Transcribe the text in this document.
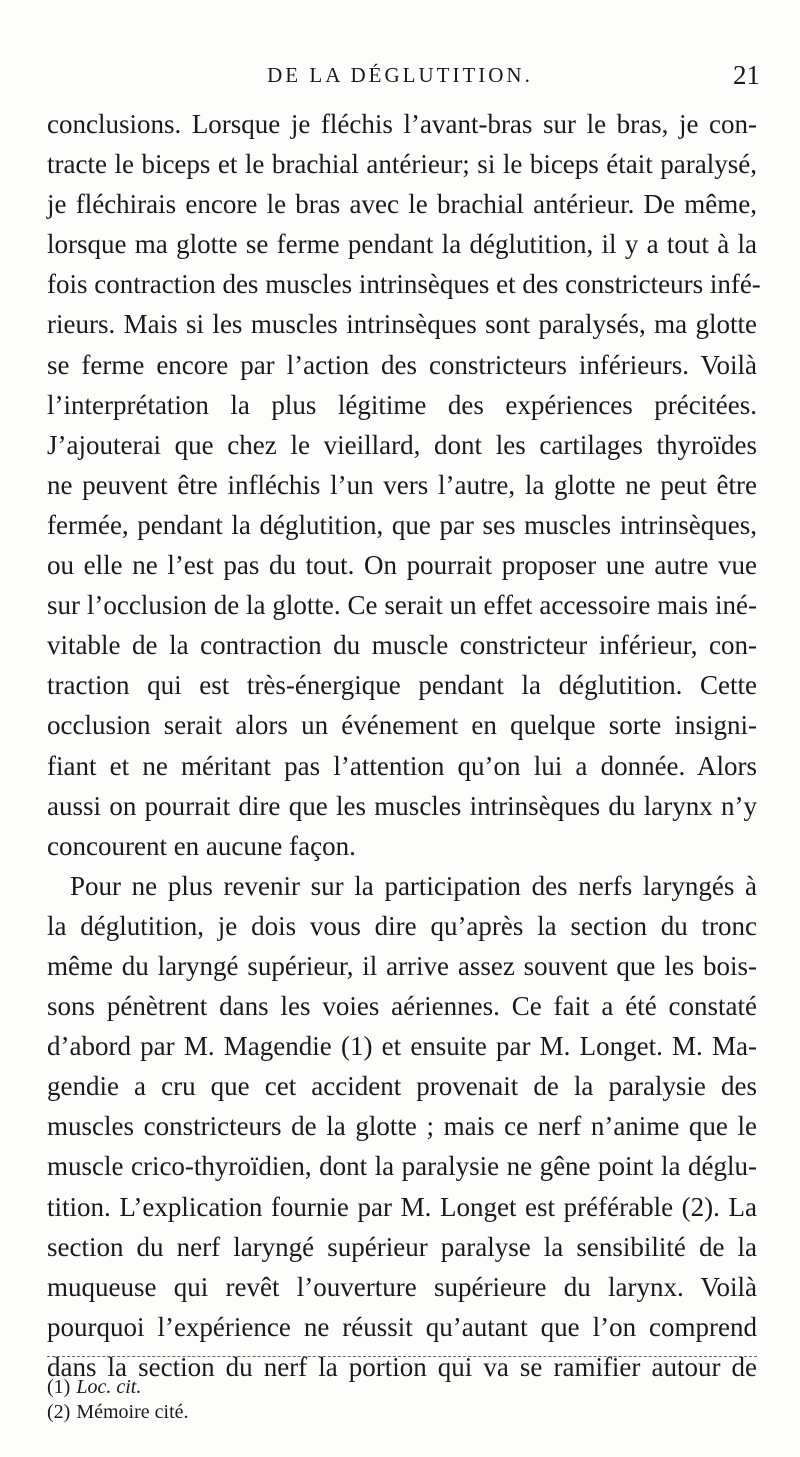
DE LA DÉGLUTITION.	21
conclusions. Lorsque je fléchis l’avant-bras sur le bras, je con-
tracte le biceps et le brachial antérieur; si le biceps était paralysé,
je fléchirais encore le bras avec le brachial antérieur. De même,
lorsque ma glotte se ferme pendant la déglutition, il y a tout à la
fois contraction des muscles intrinsèques et des constricteurs infé-
rieurs. Mais si les muscles intrinsèques sont paralysés, ma glotte
se ferme encore par l’action des constricteurs inférieurs. Voilà
l’interprétation la plus légitime des expériences précitées.
J’ajouterai que chez le vieillard, dont les cartilages thyroïdes
ne peuvent être infléchis l’un vers l’autre, la glotte ne peut être
fermée, pendant la déglutition, que par ses muscles intrinsèques,
ou elle ne l’est pas du tout. On pourrait proposer une autre vue
sur l’occlusion de la glotte. Ce serait un effet accessoire mais iné-
vitable de la contraction du muscle constricteur inférieur, con-
traction qui est très-énergique pendant la déglutition. Cette
occlusion serait alors un événement en quelque sorte insigni-
fiant et ne méritant pas l’attention qu’on lui a donnée. Alors
aussi on pourrait dire que les muscles intrinsèques du larynx n’y
concourent en aucune façon.
Pour ne plus revenir sur la participation des nerfs laryngés à
la déglutition, je dois vous dire qu’après la section du tronc
même du laryngé supérieur, il arrive assez souvent que les bois-
sons pénètrent dans les voies aériennes. Ce fait a été constaté
d’abord par M. Magendie (1) et ensuite par M. Longet. M. Ma-
gendie a cru que cet accident provenait de la paralysie des
muscles constricteurs de la glotte ; mais ce nerf n’anime que le
muscle crico-thyroïdien, dont la paralysie ne gêne point la déglu-
tition. L’explication fournie par M. Longet est préférable (2). La
section du nerf laryngé supérieur paralyse la sensibilité de la
muqueuse qui revêt l’ouverture supérieure du larynx. Voilà
pourquoi l’expérience ne réussit qu’autant que l’on comprend
dans la section du nerf la portion qui va se ramifier autour de
(1) Loc. cit.
(2) Mémoire cité.
